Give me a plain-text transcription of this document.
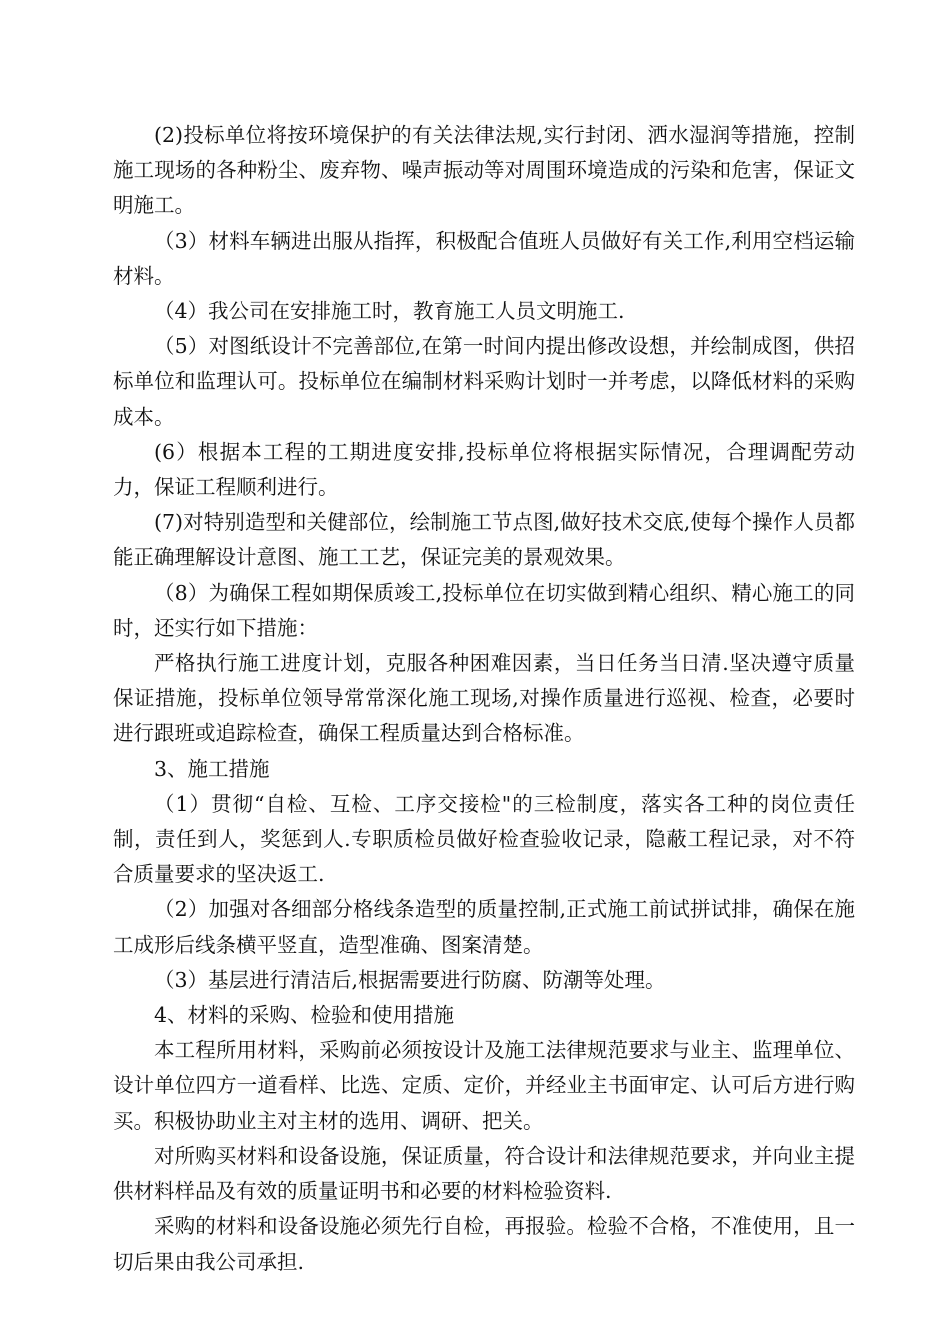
(2)投标单位将按环境保护的有关法律法规,实行封闭、洒水湿润等措施，控制施工现场的各种粉尘、废弃物、噪声振动等对周围环境造成的污染和危害，保证文明施工。

（3）材料车辆进出服从指挥，积极配合值班人员做好有关工作,利用空档运输材料。

（4）我公司在安排施工时，教育施工人员文明施工.

（5）对图纸设计不完善部位,在第一时间内提出修改设想，并绘制成图，供招标单位和监理认可。投标单位在编制材料采购计划时一并考虑，以降低材料的采购成本。

(6）根据本工程的工期进度安排,投标单位将根据实际情况，合理调配劳动力，保证工程顺利进行。

(7)对特别造型和关健部位，绘制施工节点图,做好技术交底,使每个操作人员都能正确理解设计意图、施工工艺，保证完美的景观效果。

（8）为确保工程如期保质竣工,投标单位在切实做到精心组织、精心施工的同时，还实行如下措施：

严格执行施工进度计划，克服各种困难因素，当日任务当日清.坚决遵守质量保证措施，投标单位领导常常深化施工现场,对操作质量进行巡视、检查，必要时进行跟班或追踪检查，确保工程质量达到合格标准。

3、施工措施

（1）贯彻“自检、互检、工序交接检"的三检制度，落实各工种的岗位责任制，责任到人，奖惩到人.专职质检员做好检查验收记录，隐蔽工程记录，对不符合质量要求的坚决返工.

（2）加强对各细部分格线条造型的质量控制,正式施工前试拼试排，确保在施工成形后线条横平竖直，造型准确、图案清楚。

（3）基层进行清洁后,根据需要进行防腐、防潮等处理。

4、材料的采购、检验和使用措施

本工程所用材料，采购前必须按设计及施工法律规范要求与业主、监理单位、设计单位四方一道看样、比选、定质、定价，并经业主书面审定、认可后方进行购买。积极协助业主对主材的选用、调研、把关。

对所购买材料和设备设施，保证质量，符合设计和法律规范要求，并向业主提供材料样品及有效的质量证明书和必要的材料检验资料.

采购的材料和设备设施必须先行自检，再报验。检验不合格，不准使用，且一切后果由我公司承担.
